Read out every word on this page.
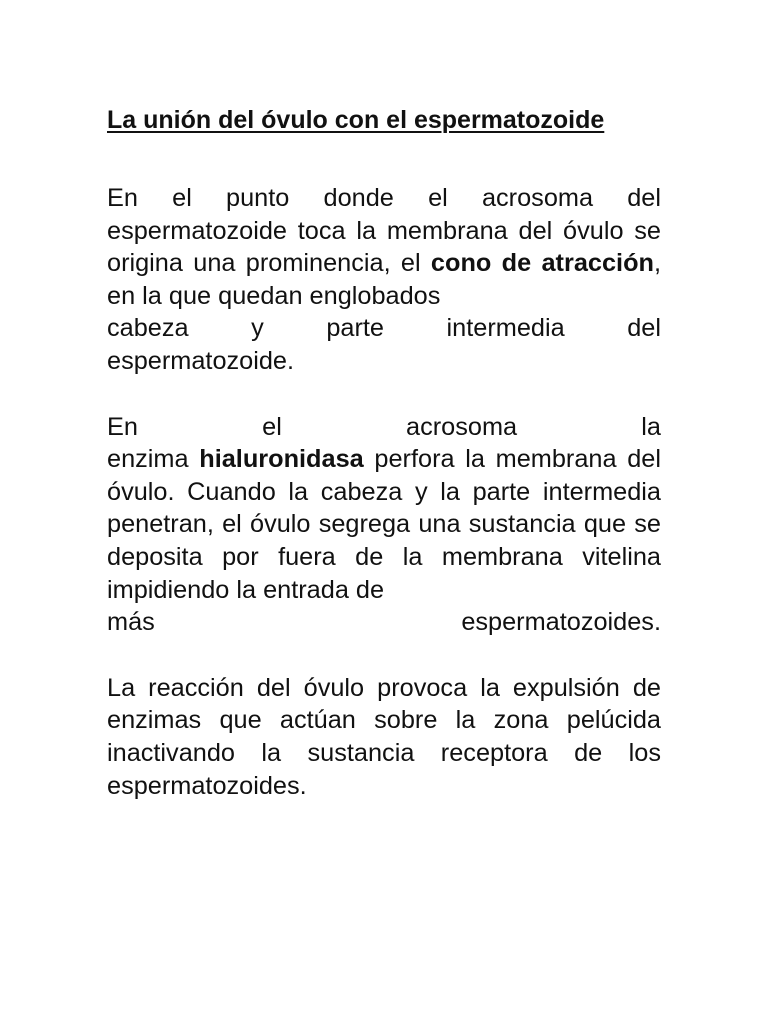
La unión del óvulo con el espermatozoide

En el punto donde el acrosoma del espermatozoide toca la membrana del óvulo se origina una prominencia, el cono de atracción, en la que quedan englobados
cabeza y parte intermedia del
espermatozoide.

En el acrosoma la
enzima hialuronidasa perfora la membrana del óvulo. Cuando la cabeza y la parte intermedia penetran, el óvulo segrega una sustancia que se deposita por fuera de la membrana vitelina impidiendo la entrada de
más espermatozoides.

La reacción del óvulo provoca la expulsión de enzimas que actúan sobre la zona pelúcida inactivando la sustancia receptora de los espermatozoides.
